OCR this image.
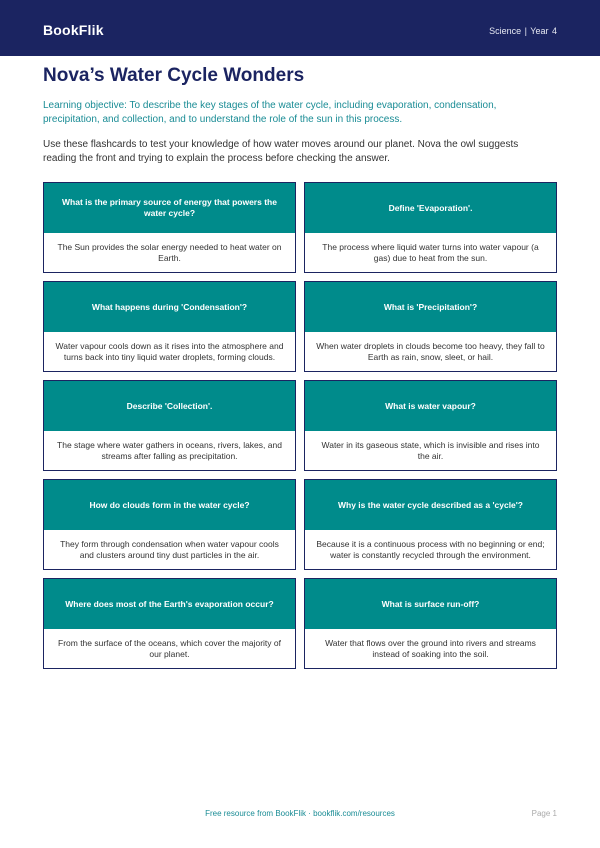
BookFlik	Science | Year 4
Nova’s Water Cycle Wonders

Learning objective: To describe the key stages of the water cycle, including evaporation, condensation, precipitation, and collection, and to understand the role of the sun in this process.

Use these flashcards to test your knowledge of how water moves around our planet. Nova the owl suggests reading the front and trying to explain the process before checking the answer.

What is the primary source of energy that powers the water cycle?
The Sun provides the solar energy needed to heat water on Earth.
Define 'Evaporation'.
The process where liquid water turns into water vapour (a gas) due to heat from the sun.
What happens during 'Condensation'?
Water vapour cools down as it rises into the atmosphere and turns back into tiny liquid water droplets, forming clouds.
What is 'Precipitation'?
When water droplets in clouds become too heavy, they fall to Earth as rain, snow, sleet, or hail.
Describe 'Collection'.
The stage where water gathers in oceans, rivers, lakes, and streams after falling as precipitation.
What is water vapour?
Water in its gaseous state, which is invisible and rises into the air.
How do clouds form in the water cycle?
They form through condensation when water vapour cools and clusters around tiny dust particles in the air.
Why is the water cycle described as a 'cycle'?
Because it is a continuous process with no beginning or end; water is constantly recycled through the environment.
Where does most of the Earth's evaporation occur?
From the surface of the oceans, which cover the majority of our planet.
What is surface run-off?
Water that flows over the ground into rivers and streams instead of soaking into the soil.
Free resource from BookFlik · bookflik.com/resources	Page 1
